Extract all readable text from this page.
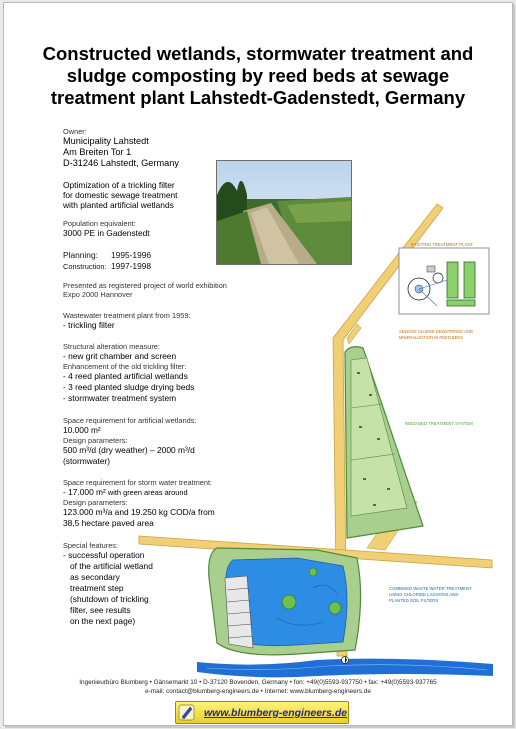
Constructed wetlands, stormwater treatment and
sludge composting by reed beds at sewage
treatment plant Lahstedt-Gadenstedt, Germany
Owner:
Municipality Lahstedt
Am Breiten Tor 1
D-31246 Lahstedt, Germany
Optimization of a trickling filter
for domestic sewage treatment
with planted artificial wetlands
Population equivalent:
3000 PE in Gadenstedt
Planning: 1995-1996
Construction: 1997-1998
Presented as registered project of world exhibition
Expo 2000 Hannover
Wastewater treatment plant from 1959:
- trickling filter
Structural alteration measure:
- new grit chamber and screen
Enhancement of the old trickling filter:
- 4 reed planted artificial wetlands
- 3 reed planted sludge drying beds
- stormwater treatment system
Space requirement for artificial wetlands:
10.000 m²
Design parameters:
500 m³/d (dry weather) – 2000 m³/d
(stormwater)
Space requirement for storm water treatment:
- 17.000 m² with green areas around
Design parameters:
123.000 m³/a and 19.250 kg COD/a from
38,5 hectare paved area
Special features:
- successful operation
of the artificial wetland
as secondary
treatment step
(shutdown of trickling
filter, see results
on the next page)
EXISTING TREATMENT PLANT
SEWAGE SLUDGE DEWATERING AND
MINERALIZATION IN REED BEDS
REED BED TREATMENT SYSTEM
COMBINED WASTE WATER TREATMENT
USING CHLORIDE LAGOONS AND
PLANTED SOIL FILTERS
Ingenieurbüro Blumberg • Gänsemarkt 10 • D-37120 Bovenden, Germany • fon: +49(0)5593-937750 • fax: +49(0)5593-937765
e-mail: contact@blumberg-engineers.de • Internet: www.blumberg-engineers.de
www.blumberg-engineers.de
